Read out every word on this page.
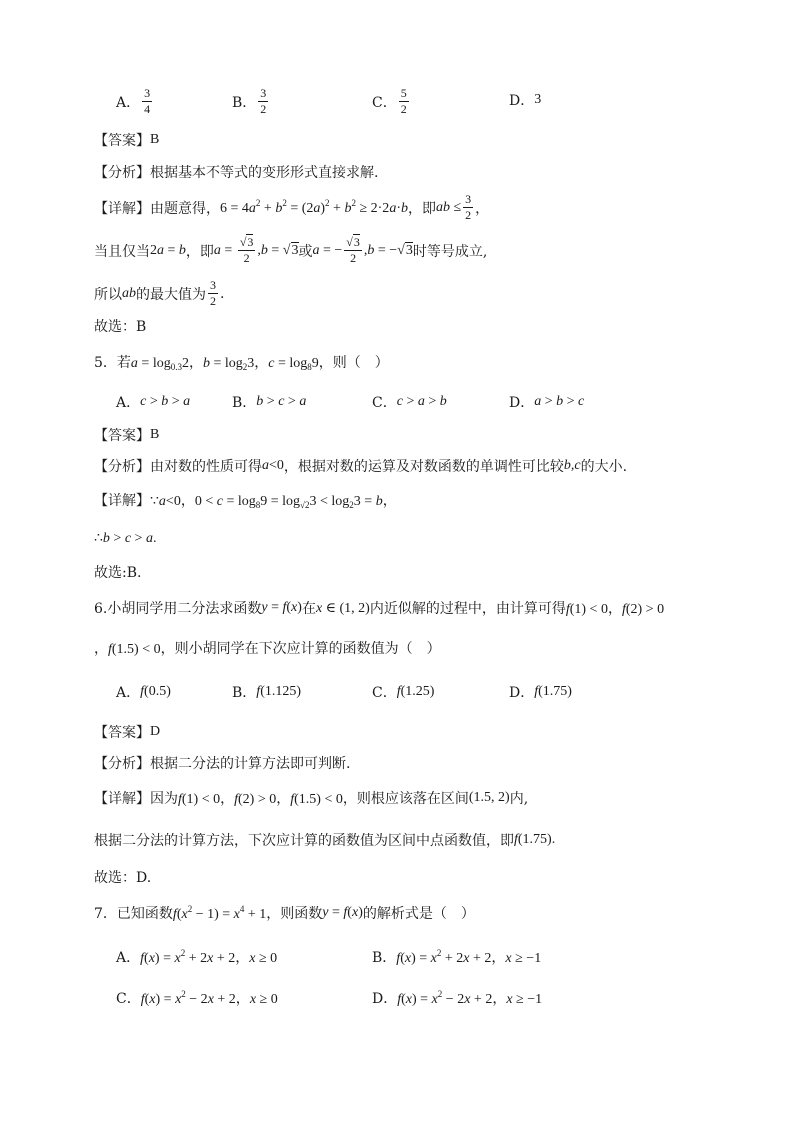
A． $\frac{3}{4}$	B． $\frac{3}{2}$	C． $\frac{5}{2}$	D． 3
【答案】 B
【分析】 根据基本不等式的变形形式直接求解.
【详解】 由题意得， $6 = 4a^2 + b^2 = (2a)^2 + b^2 \ge 2\cdot 2a\cdot b$ ，即 ab ≤ $\frac{3}{2}$ ，
当且仅当 2a = b ，即 $a = \frac{√3}{2} ,b = √3$ 或 a = − $\frac{√3}{2} ,b = -√3$ 时等号成立,
所以 ab 的最大值为 $\frac{3}{2}$ .
故选：B
5．若 $a = \log_{0.3}2$，$b = \log_23$，$c = \log_89$ ，则（　）
A． c > b > a	B． b > c > a	C． c > a > b	D． a > b > c
【答案】 B
【分析】 由对数的性质可得 a<0 ，根据对数的运算及对数函数的单调性可比较 b,c 的大小.
【详解】 ∵a<0，$0 < c = \log_89 = \log_{√2}3 < \log_23 = b$，
∴b > c > a.
故选:B.
6.小胡同学用二分法求函数 y = f(x) 在 x ∈ (1, 2) 内近似解的过程中，由计算可得 f(1) < 0，f(2) > 0
，f(1.5) < 0 ，则小胡同学在下次应计算的函数值为（　）
A． f(0.5)	B． f(1.125)	C． f(1.25)	D． f(1.75)
【答案】 D
【分析】 根据二分法的计算方法即可判断.
【详解】 因为 f(1) < 0，f(2) > 0，f(1.5) < 0 ，则根应该落在区间 (1.5, 2) 内,
根据二分法的计算方法，下次应计算的函数值为区间中点函数值，即 f(1.75).
故选：D.
7．已知函数 $f(x^2 - 1) = x^4 + 1$ ，则函数 y = f(x) 的解析式是（　）
A． $f(x) = x^2 + 2x + 2$，x ≥ 0	B． $f(x) = x^2 + 2x + 2$，x ≥ −1
C． $f(x) = x^2 - 2x + 2$，x ≥ 0	D． $f(x) = x^2 - 2x + 2$，x ≥ −1
